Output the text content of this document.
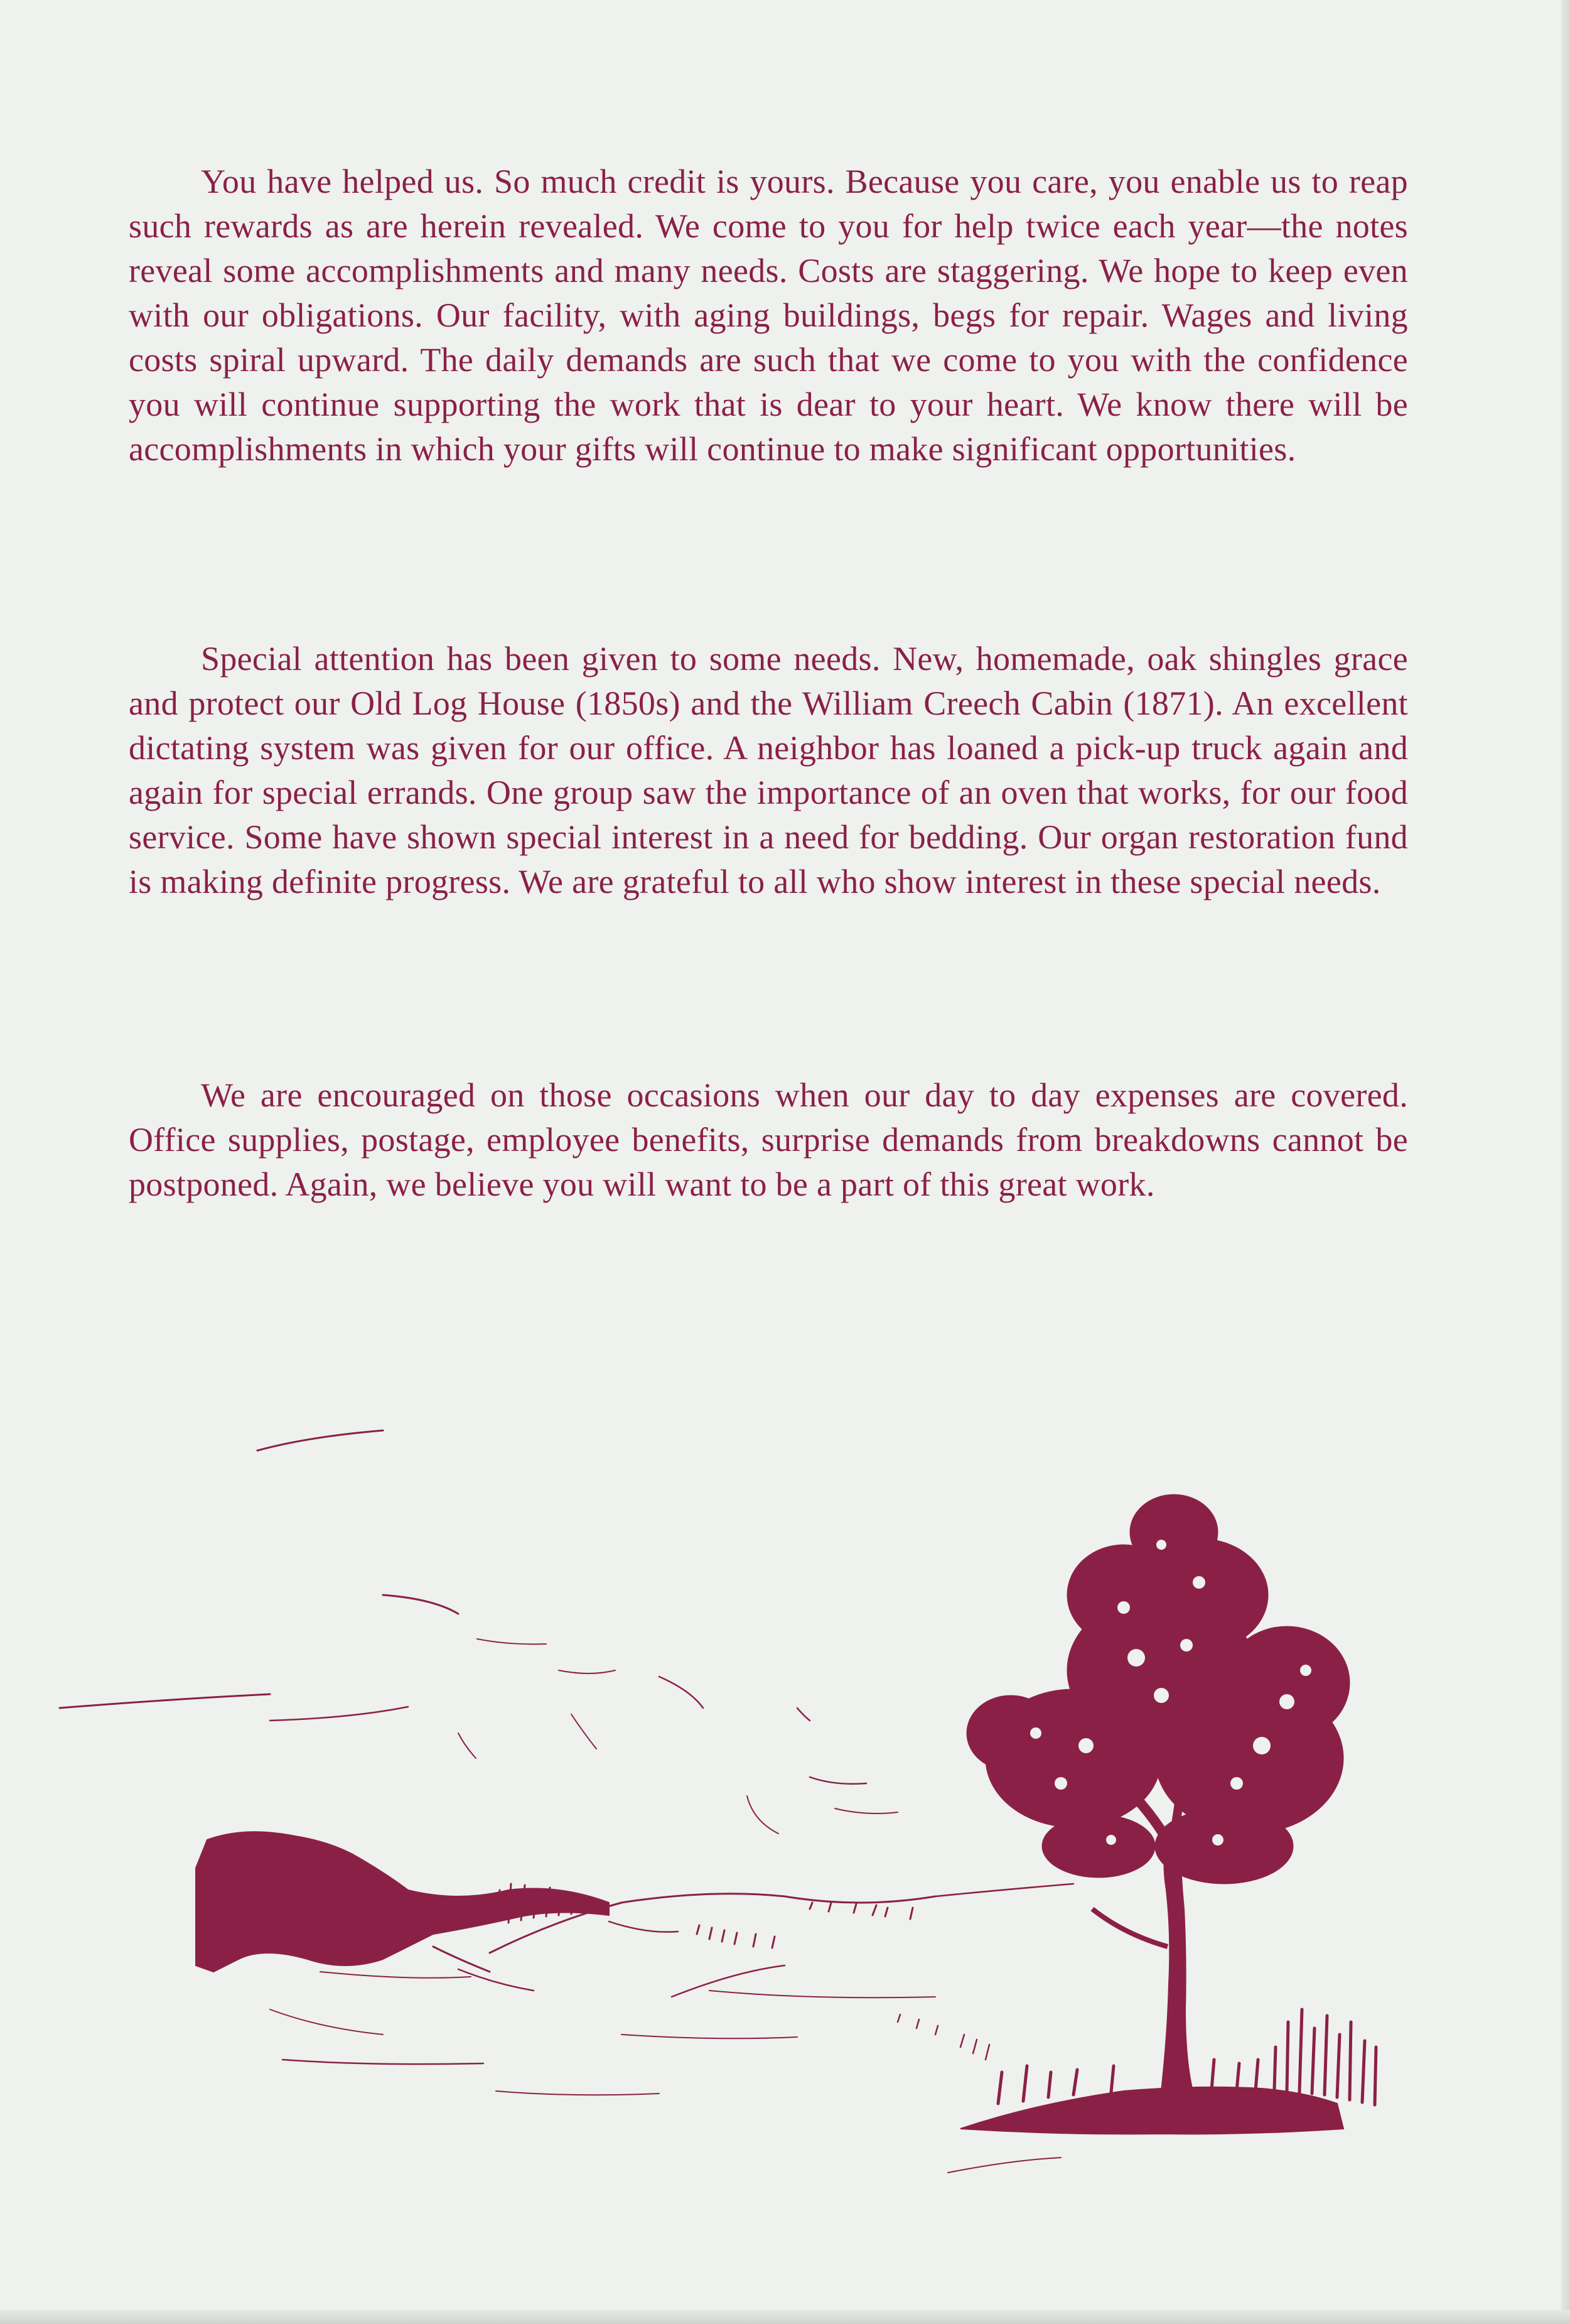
You have helped us. So much credit is yours. Because you care, you enable us to reap such rewards as are herein revealed. We come to you for help twice each year—the notes reveal some accomplishments and many needs. Costs are staggering. We hope to keep even with our obligations. Our facility, with aging buildings, begs for repair. Wages and living costs spiral upward. The daily demands are such that we come to you with the confidence you will continue supporting the work that is dear to your heart. We know there will be accomplishments in which your gifts will continue to make significant opportunities.

Special attention has been given to some needs. New, homemade, oak shingles grace and protect our Old Log House (1850s) and the William Creech Cabin (1871). An excellent dictating system was given for our office. A neighbor has loaned a pick-up truck again and again for special errands. One group saw the importance of an oven that works, for our food service. Some have shown special interest in a need for bedding. Our organ restoration fund is making definite progress. We are grateful to all who show interest in these special needs.

We are encouraged on those occasions when our day to day expenses are covered. Office supplies, postage, employee benefits, surprise demands from breakdowns cannot be postponed. Again, we believe you will want to be a part of this great work.
